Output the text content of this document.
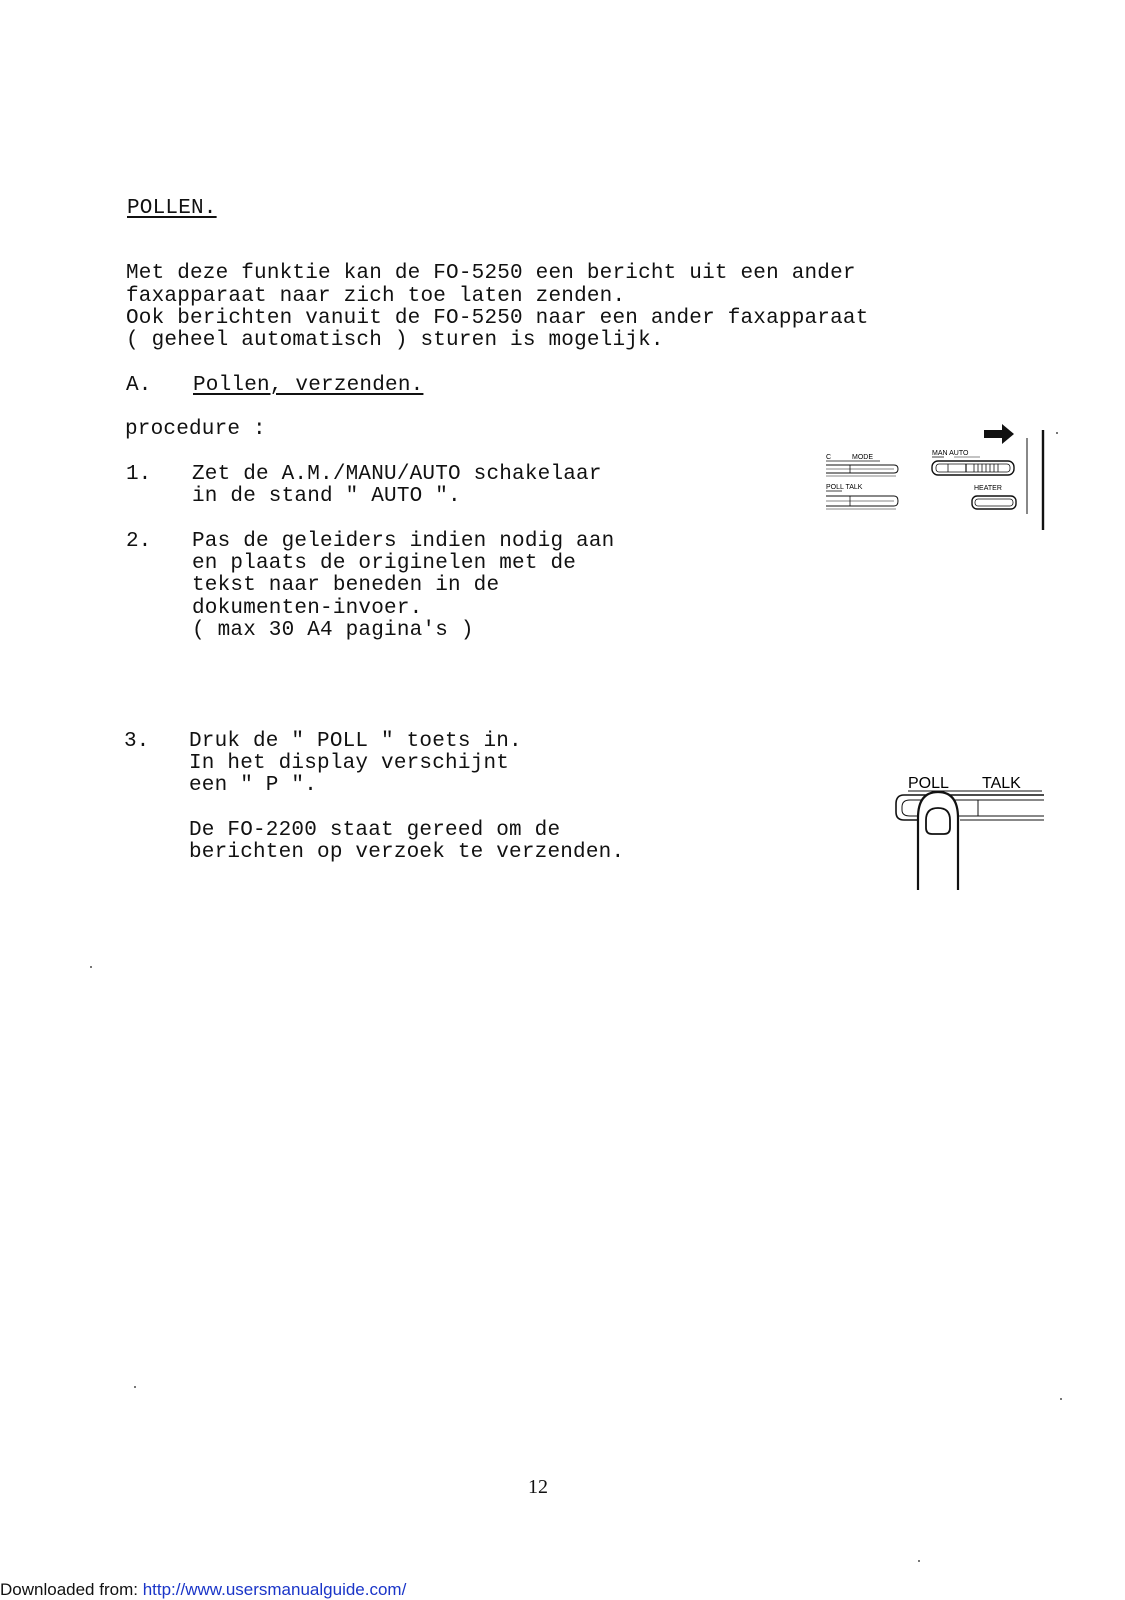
POLLEN.
Met deze funktie kan de FO-5250 een bericht uit een ander
faxapparaat naar zich toe laten zenden.
Ook berichten vanuit de FO-5250 naar een ander faxapparaat
( geheel automatisch ) sturen is mogelijk.
A. Pollen, verzenden.
procedure :
1. Zet de A.M./MANU/AUTO schakelaar
in de stand " AUTO ".
2. Pas de geleiders indien nodig aan
en plaats de originelen met de
tekst naar beneden in de
dokumenten-invoer.
( max 30 A4 pagina's )
3. Druk de " POLL " toets in.
In het display verschijnt
een " P ".
De FO-2200 staat gereed om de
berichten op verzoek te verzenden.
C	MODE
POLL TALK
MAN AUTO
HEATER
POLL TALK
12
Downloaded from: http://www.usersmanualguide.com/
